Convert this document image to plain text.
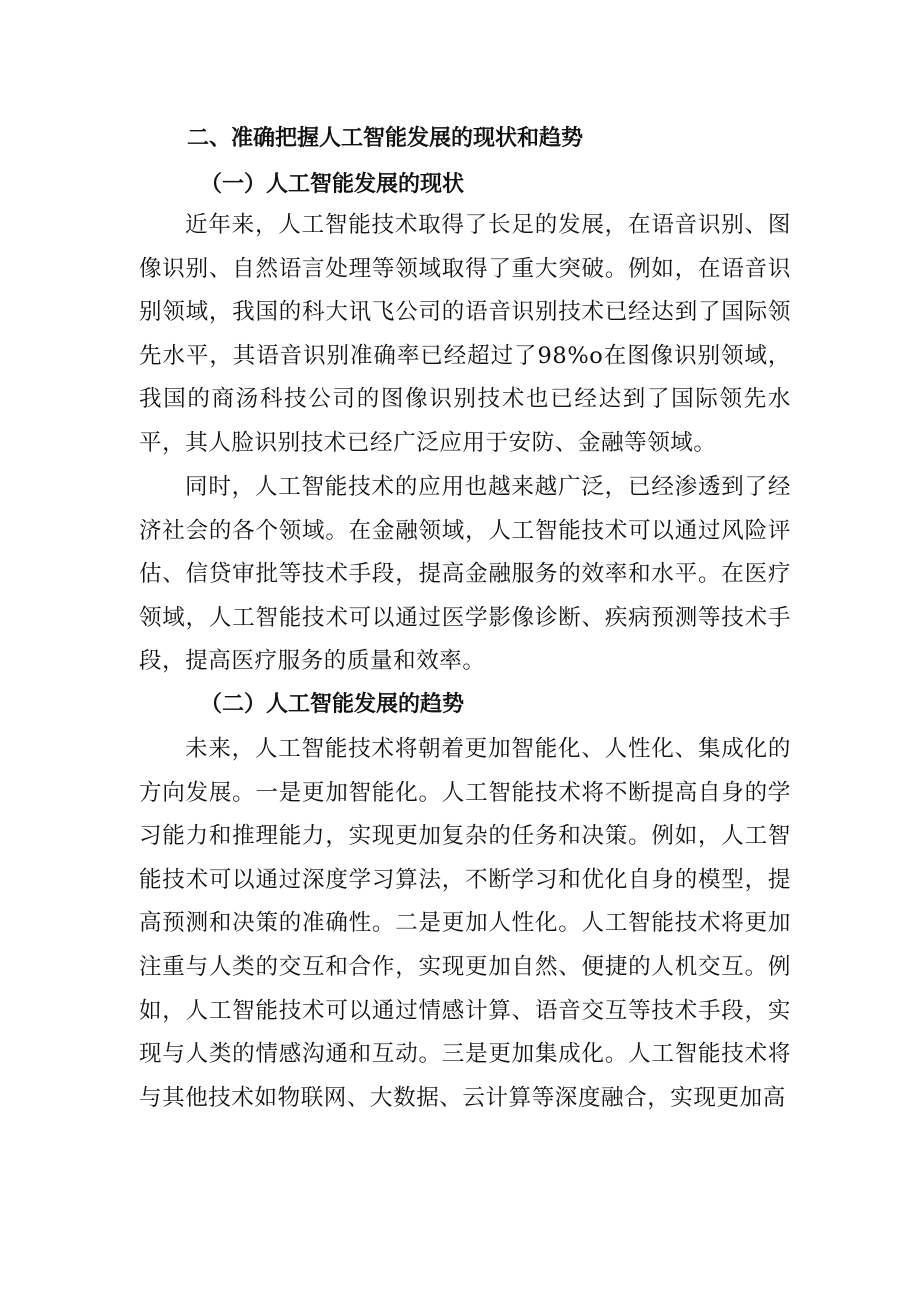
二、准确把握人工智能发展的现状和趋势
（一）人工智能发展的现状

近年来，人工智能技术取得了长足的发展，在语音识别、图像识别、自然语言处理等领域取得了重大突破。例如，在语音识别领域，我国的科大讯飞公司的语音识别技术已经达到了国际领先水平，其语音识别准确率已经超过了98%o在图像识别领域，我国的商汤科技公司的图像识别技术也已经达到了国际领先水平，其人脸识别技术已经广泛应用于安防、金融等领域。

同时，人工智能技术的应用也越来越广泛，已经渗透到了经济社会的各个领域。在金融领域，人工智能技术可以通过风险评估、信贷审批等技术手段，提高金融服务的效率和水平。在医疗领域，人工智能技术可以通过医学影像诊断、疾病预测等技术手段，提高医疗服务的质量和效率。

（二）人工智能发展的趋势

未来，人工智能技术将朝着更加智能化、人性化、集成化的方向发展。一是更加智能化。人工智能技术将不断提高自身的学习能力和推理能力，实现更加复杂的任务和决策。例如，人工智能技术可以通过深度学习算法，不断学习和优化自身的模型，提高预测和决策的准确性。二是更加人性化。人工智能技术将更加注重与人类的交互和合作，实现更加自然、便捷的人机交互。例如，人工智能技术可以通过情感计算、语音交互等技术手段，实现与人类的情感沟通和互动。三是更加集成化。人工智能技术将与其他技术如物联网、大数据、云计算等深度融合，实现更加高
